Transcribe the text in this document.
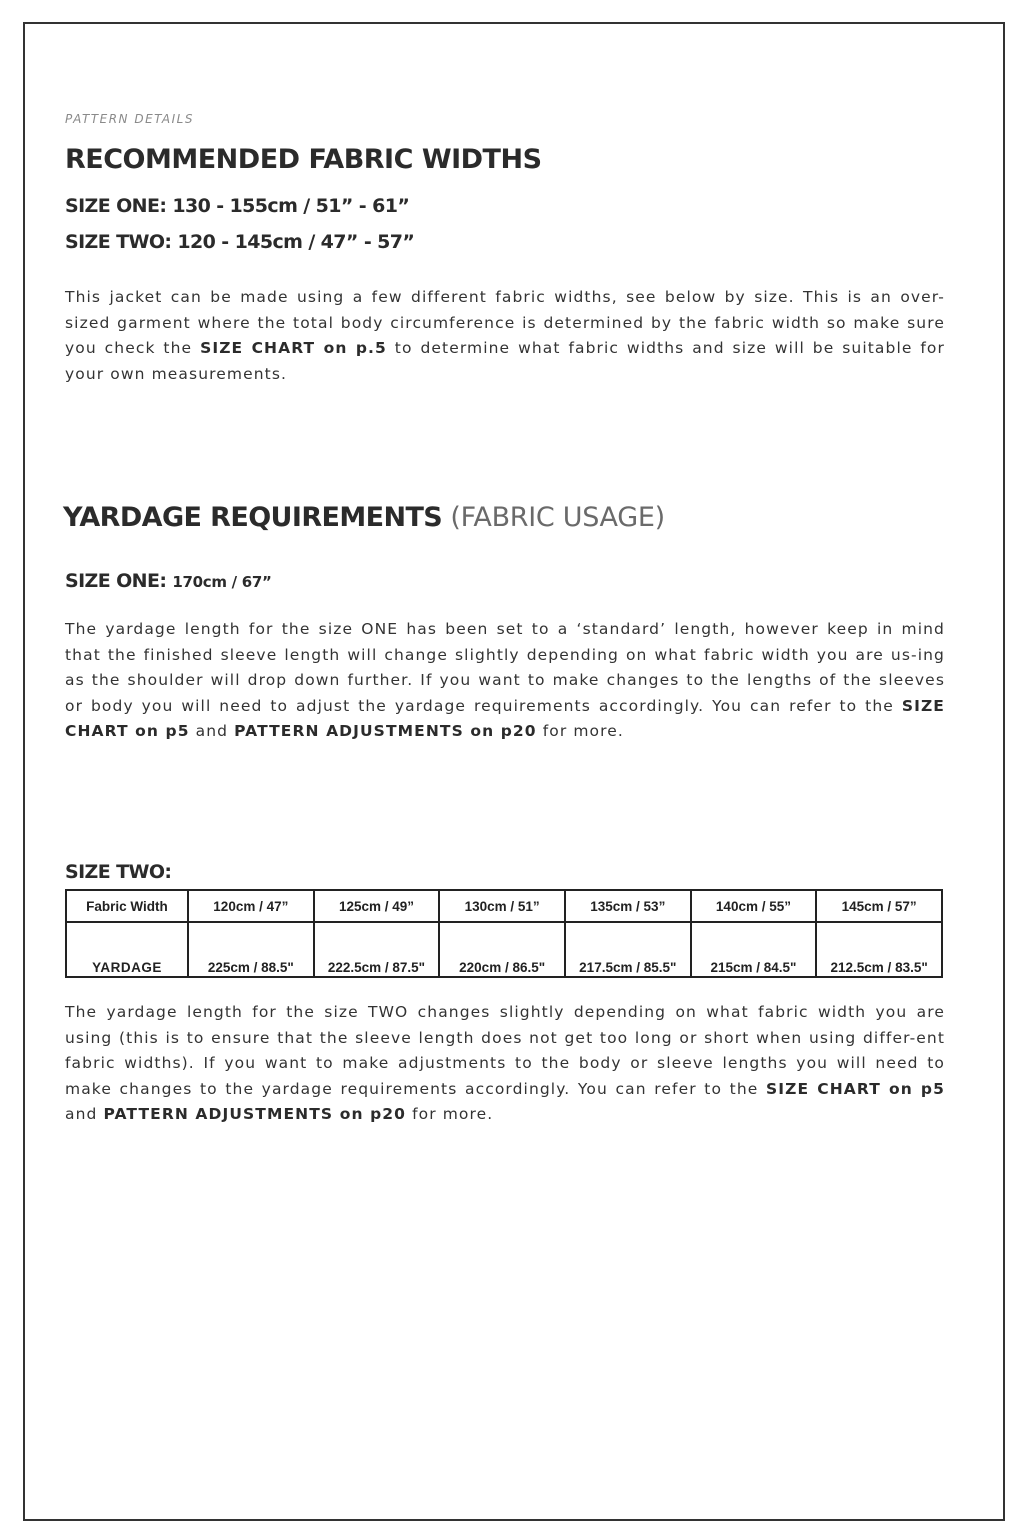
PATTERN DETAILS
RECOMMENDED FABRIC WIDTHS
SIZE ONE: 130 - 155cm / 51” - 61”
SIZE TWO: 120 - 145cm / 47” - 57”

This jacket can be made using a few different fabric widths, see below by size. This is an over-sized garment where the total body circumference is determined by the fabric width so make sure you check the SIZE CHART on p.5 to determine what fabric widths and size will be suitable for your own measurements.

YARDAGE REQUIREMENTS (FABRIC USAGE)
SIZE ONE: 170cm / 67”

The yardage length for the size ONE has been set to a ‘standard’ length, however keep in mind that the finished sleeve length will change slightly depending on what fabric width you are us-ing as the shoulder will drop down further. If you want to make changes to the lengths of the sleeves or body you will need to adjust the yardage requirements accordingly. You can refer to the SIZE CHART on p5 and PATTERN ADJUSTMENTS on p20 for more.

SIZE TWO:
Fabric Width	120cm / 47”	125cm / 49”	130cm / 51”	135cm / 53”	140cm / 55”	145cm / 57”
YARDAGE	225cm / 88.5"	222.5cm / 87.5"	220cm / 86.5"	217.5cm / 85.5"	215cm / 84.5"	212.5cm / 83.5"

The yardage length for the size TWO changes slightly depending on what fabric width you are using (this is to ensure that the sleeve length does not get too long or short when using differ-ent fabric widths). If you want to make adjustments to the body or sleeve lengths you will need to make changes to the yardage requirements accordingly. You can refer to the SIZE CHART on p5 and PATTERN ADJUSTMENTS on p20 for more.
